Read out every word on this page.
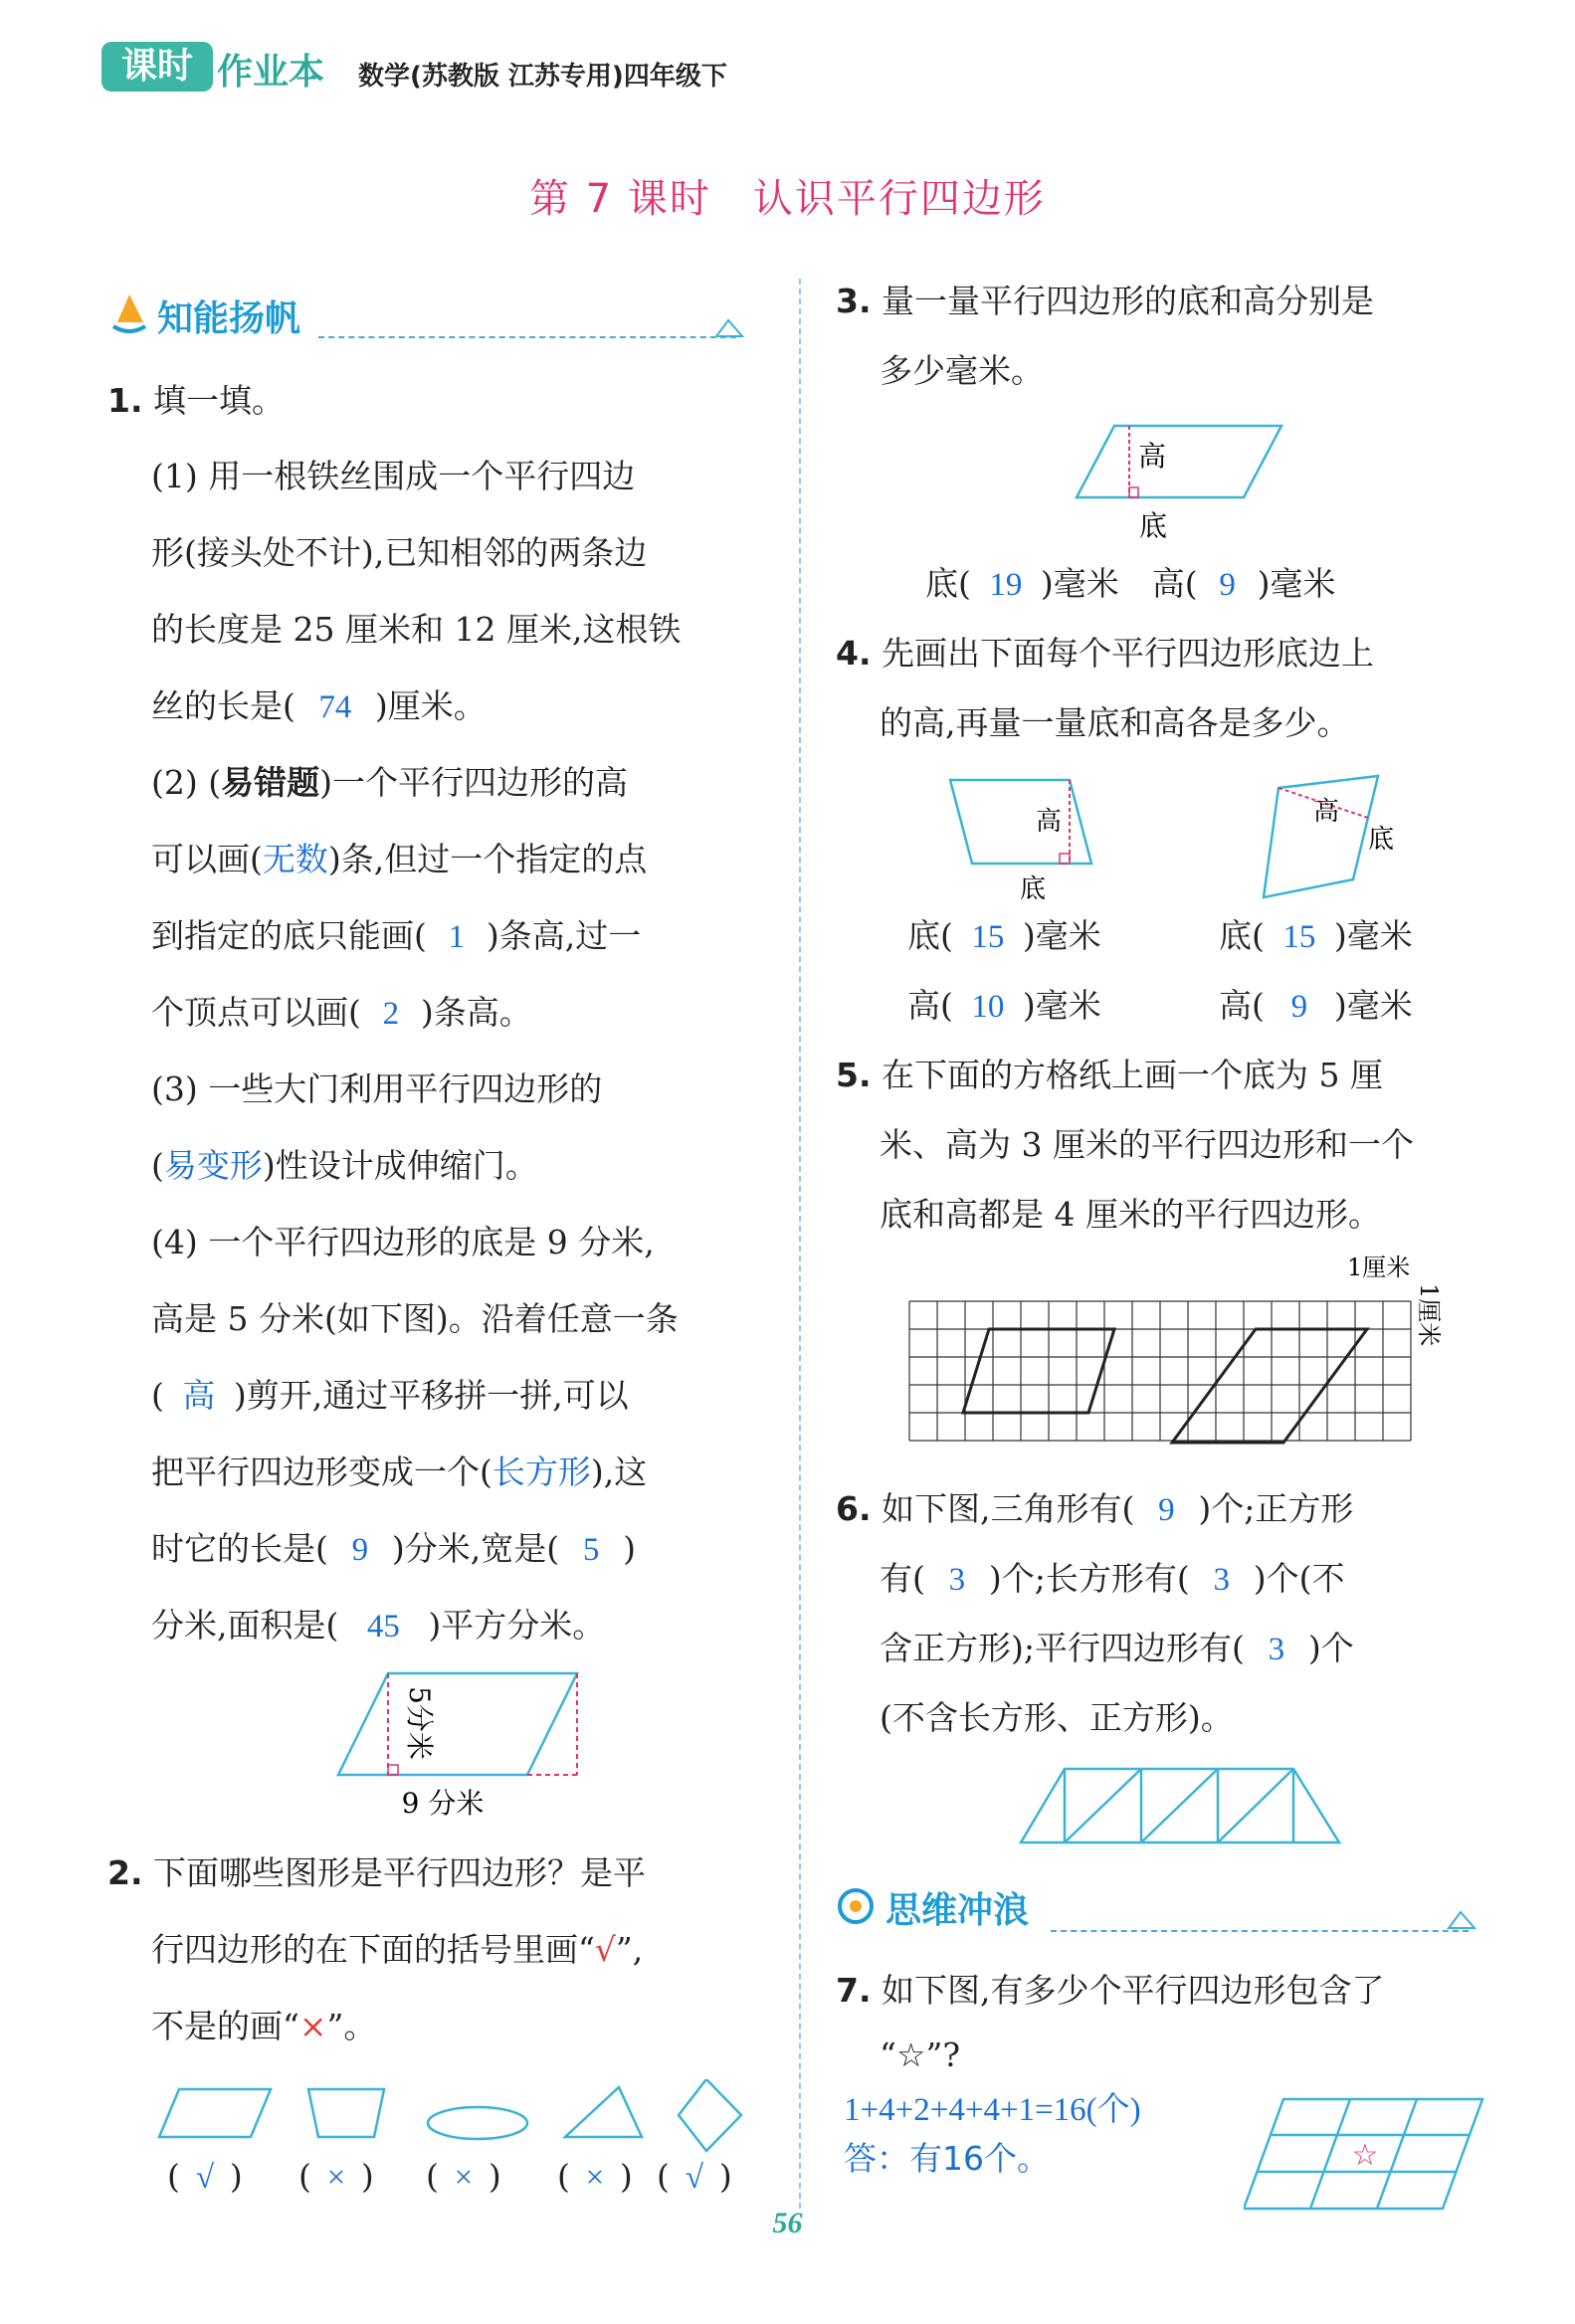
课时 作业本 数学(苏教版 江苏专用)四年级下
第 7 课时　认识平行四边形
知能扬帆
1. 填一填。
(1) 用一根铁丝围成一个平行四边
形(接头处不计),已知相邻的两条边
的长度是 25 厘米和 12 厘米,这根铁
丝的长是( 74 )厘米。
(2) (易错题)一个平行四边形的高
可以画(无数)条,但过一个指定的点
到指定的底只能画( 1 )条高,过一
个顶点可以画( 2 )条高。
(3) 一些大门利用平行四边形的
(易变形)性设计成伸缩门。
(4) 一个平行四边形的底是 9 分米,
高是 5 分米(如下图)。沿着任意一条
( 高 )剪开,通过平移拼一拼,可以
把平行四边形变成一个(长方形),这
时它的长是( 9 )分米,宽是( 5 )
分米,面积是( 45 )平方分米。
5分米
9 分米
2. 下面哪些图形是平行四边形？是平
行四边形的在下面的括号里画“√”,
不是的画“×”。
( √ ) ( × ) ( × ) ( × ) ( √ )
3. 量一量平行四边形的底和高分别是
多少毫米。
高
底
底( 19 )毫米　 高( 9 )毫米
4. 先画出下面每个平行四边形底边上
的高,再量一量底和高各是多少。
高
底
高
底
底( 15 )毫米	底( 15 )毫米
高( 10 )毫米	高( 9 )毫米
5. 在下面的方格纸上画一个底为 5 厘
米、高为 3 厘米的平行四边形和一个
底和高都是 4 厘米的平行四边形。
1厘米
1厘米
6. 如下图,三角形有( 9 )个;正方形
有( 3 )个;长方形有( 3 )个(不
含正方形);平行四边形有( 3 )个
(不含长方形、正方形)。
思维冲浪
7. 如下图,有多少个平行四边形包含了
“☆”?
1+4+2+4+4+1=16(个)
答：有16个。	☆
56
